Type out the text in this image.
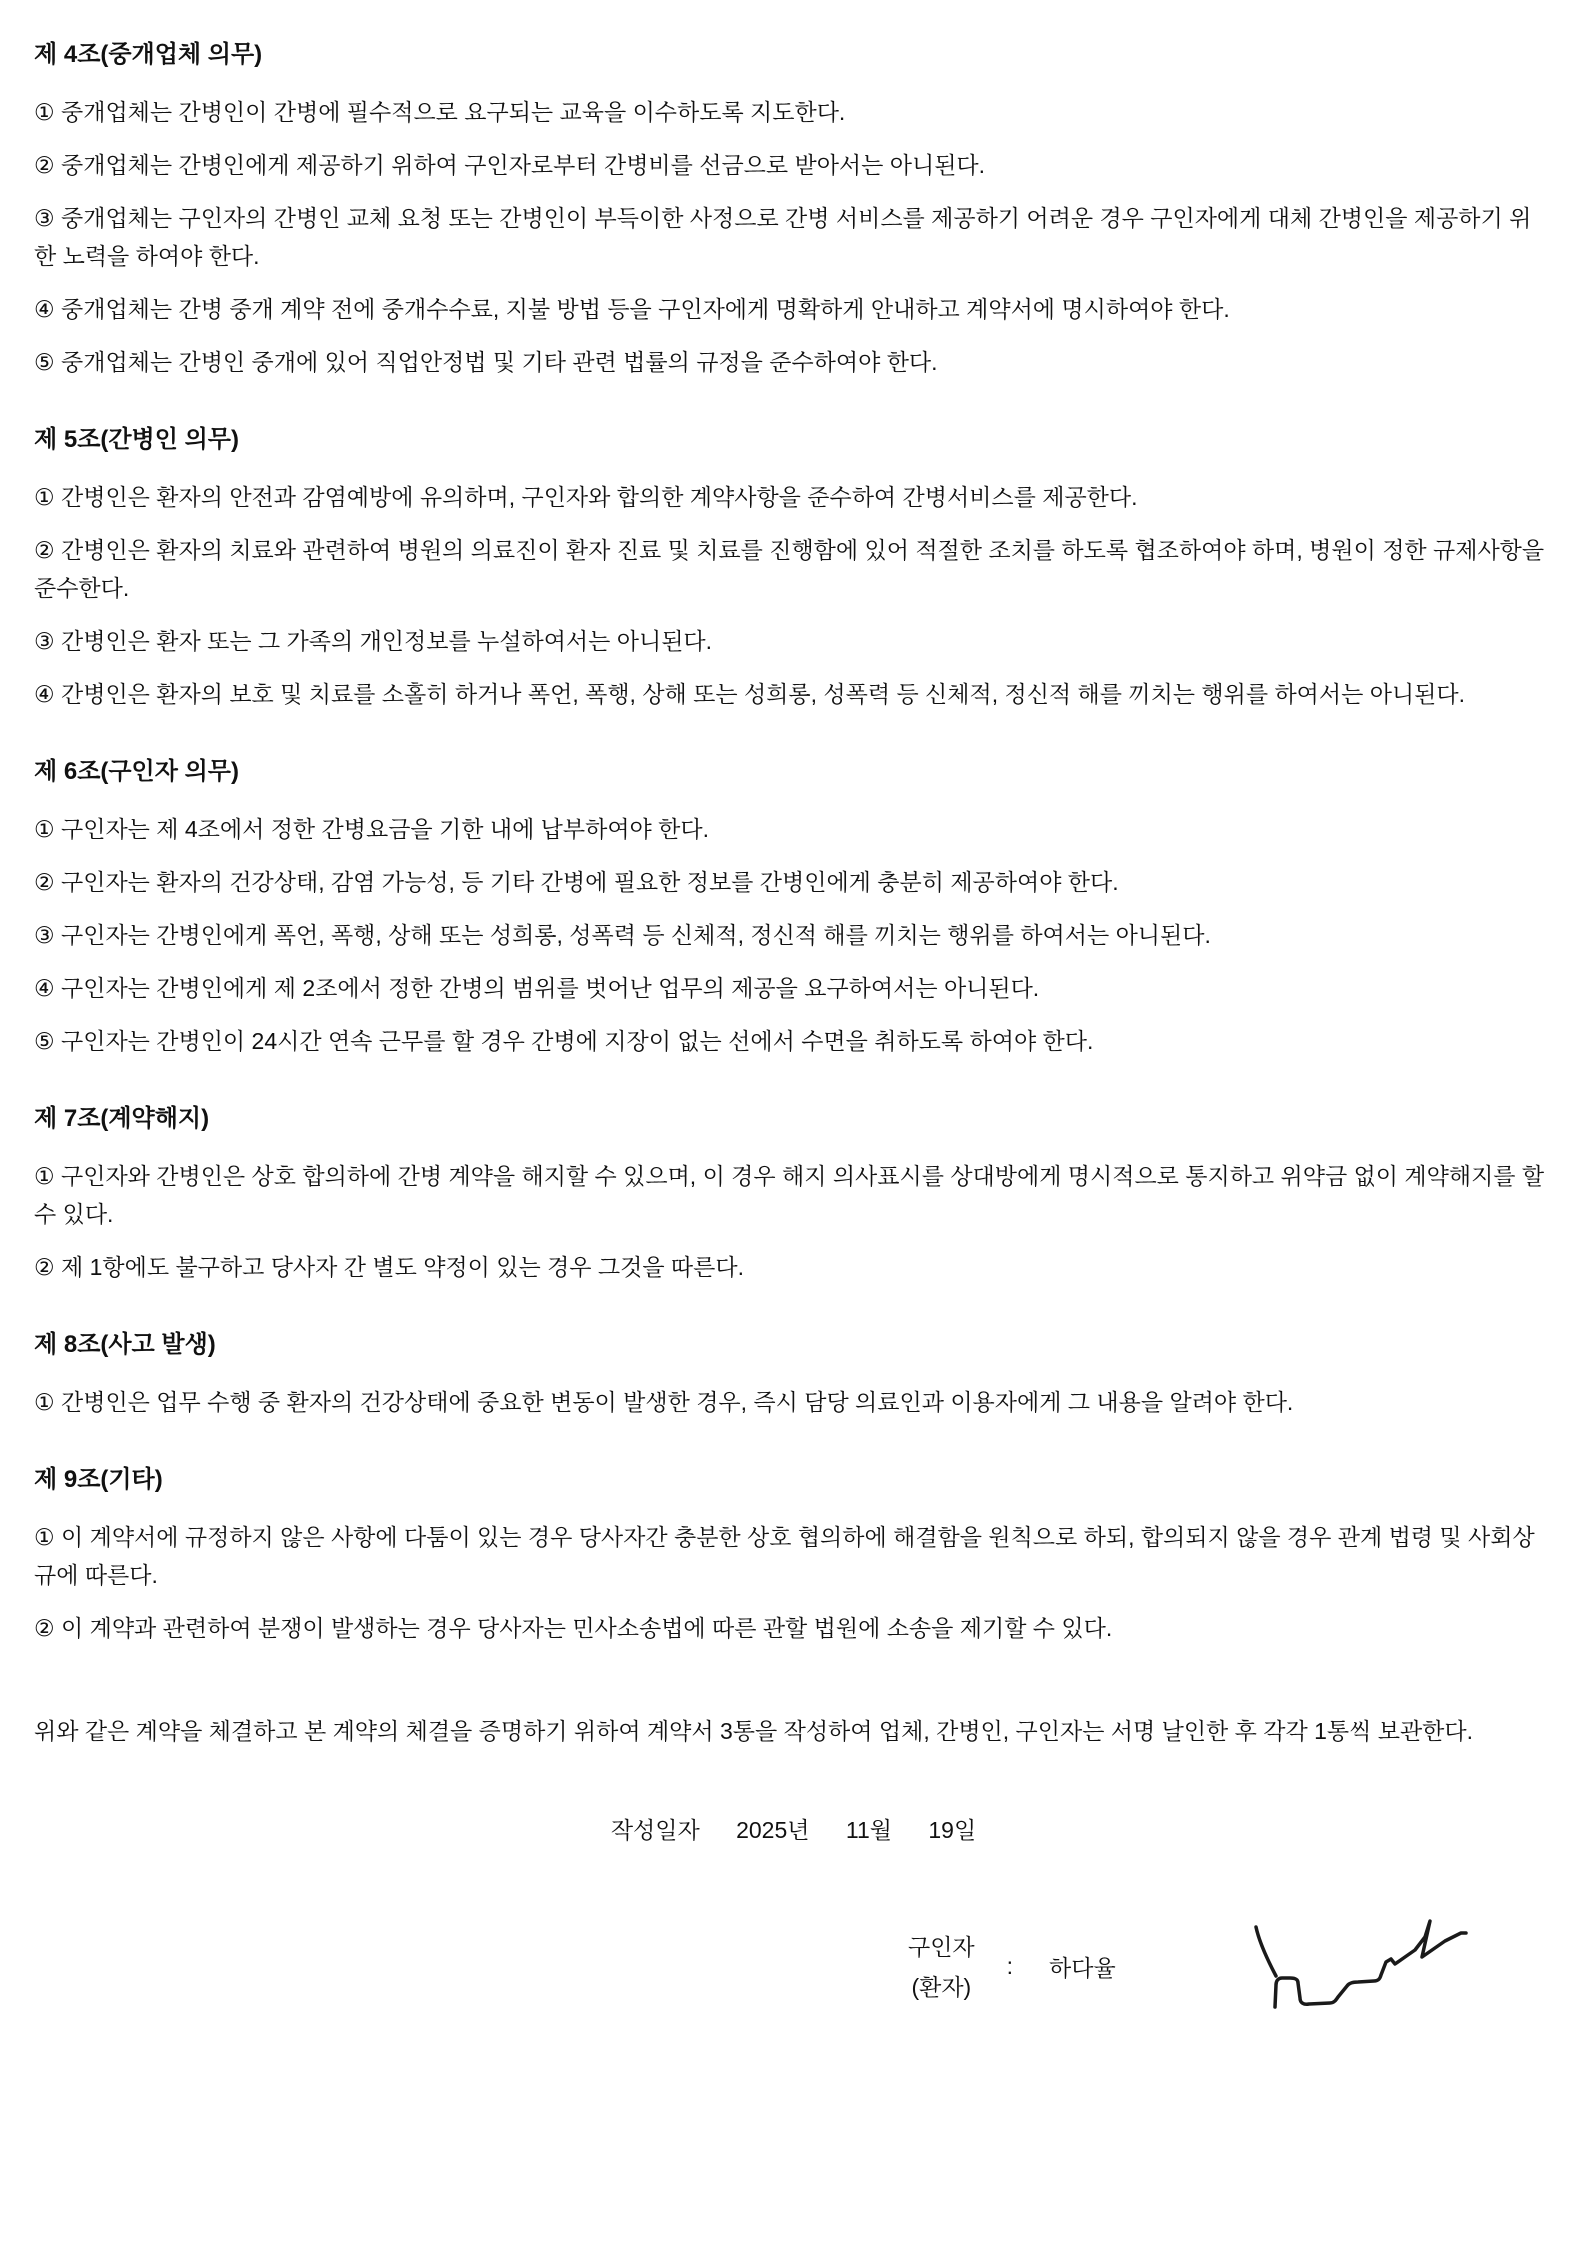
제 4조(중개업체 의무)

① 중개업체는 간병인이 간병에 필수적으로 요구되는 교육을 이수하도록 지도한다.

② 중개업체는 간병인에게 제공하기 위하여 구인자로부터 간병비를 선금으로 받아서는 아니된다.

③ 중개업체는 구인자의 간병인 교체 요청 또는 간병인이 부득이한 사정으로 간병 서비스를 제공하기 어려운 경우 구인자에게 대체 간병인을 제공하기 위한 노력을 하여야 한다.

④ 중개업체는 간병 중개 계약 전에 중개수수료, 지불 방법 등을 구인자에게 명확하게 안내하고 계약서에 명시하여야 한다.

⑤ 중개업체는 간병인 중개에 있어 직업안정법 및 기타 관련 법률의 규정을 준수하여야 한다.

제 5조(간병인 의무)

① 간병인은 환자의 안전과 감염예방에 유의하며, 구인자와 합의한 계약사항을 준수하여 간병서비스를 제공한다.

② 간병인은 환자의 치료와 관련하여 병원의 의료진이 환자 진료 및 치료를 진행함에 있어 적절한 조치를 하도록 협조하여야 하며, 병원이 정한 규제사항을 준수한다.

③ 간병인은 환자 또는 그 가족의 개인정보를 누설하여서는 아니된다.

④ 간병인은 환자의 보호 및 치료를 소홀히 하거나 폭언, 폭행, 상해 또는 성희롱, 성폭력 등 신체적, 정신적 해를 끼치는 행위를 하여서는 아니된다.

제 6조(구인자 의무)

① 구인자는 제 4조에서 정한 간병요금을 기한 내에 납부하여야 한다.

② 구인자는 환자의 건강상태, 감염 가능성, 등 기타 간병에 필요한 정보를 간병인에게 충분히 제공하여야 한다.

③ 구인자는 간병인에게 폭언, 폭행, 상해 또는 성희롱, 성폭력 등 신체적, 정신적 해를 끼치는 행위를 하여서는 아니된다.

④ 구인자는 간병인에게 제 2조에서 정한 간병의 범위를 벗어난 업무의 제공을 요구하여서는 아니된다.

⑤ 구인자는 간병인이 24시간 연속 근무를 할 경우 간병에 지장이 없는 선에서 수면을 취하도록 하여야 한다.

제 7조(계약해지)

① 구인자와 간병인은 상호 합의하에 간병 계약을 해지할 수 있으며, 이 경우 해지 의사표시를 상대방에게 명시적으로 통지하고 위약금 없이 계약해지를 할 수 있다.

② 제 1항에도 불구하고 당사자 간 별도 약정이 있는 경우 그것을 따른다.

제 8조(사고 발생)

① 간병인은 업무 수행 중 환자의 건강상태에 중요한 변동이 발생한 경우, 즉시 담당 의료인과 이용자에게 그 내용을 알려야 한다.

제 9조(기타)

① 이 계약서에 규정하지 않은 사항에 다툼이 있는 경우 당사자간 충분한 상호 협의하에 해결함을 원칙으로 하되, 합의되지 않을 경우 관계 법령 및 사회상규에 따른다.

② 이 계약과 관련하여 분쟁이 발생하는 경우 당사자는 민사소송법에 따른 관할 법원에 소송을 제기할 수 있다.

위와 같은 계약을 체결하고 본 계약의 체결을 증명하기 위하여 계약서 3통을 작성하여 업체, 간병인, 구인자는 서명 날인한 후 각각 1통씩 보관한다.

작성일자 2025년 11월 19일
구인자
(환자)
: 하다율
